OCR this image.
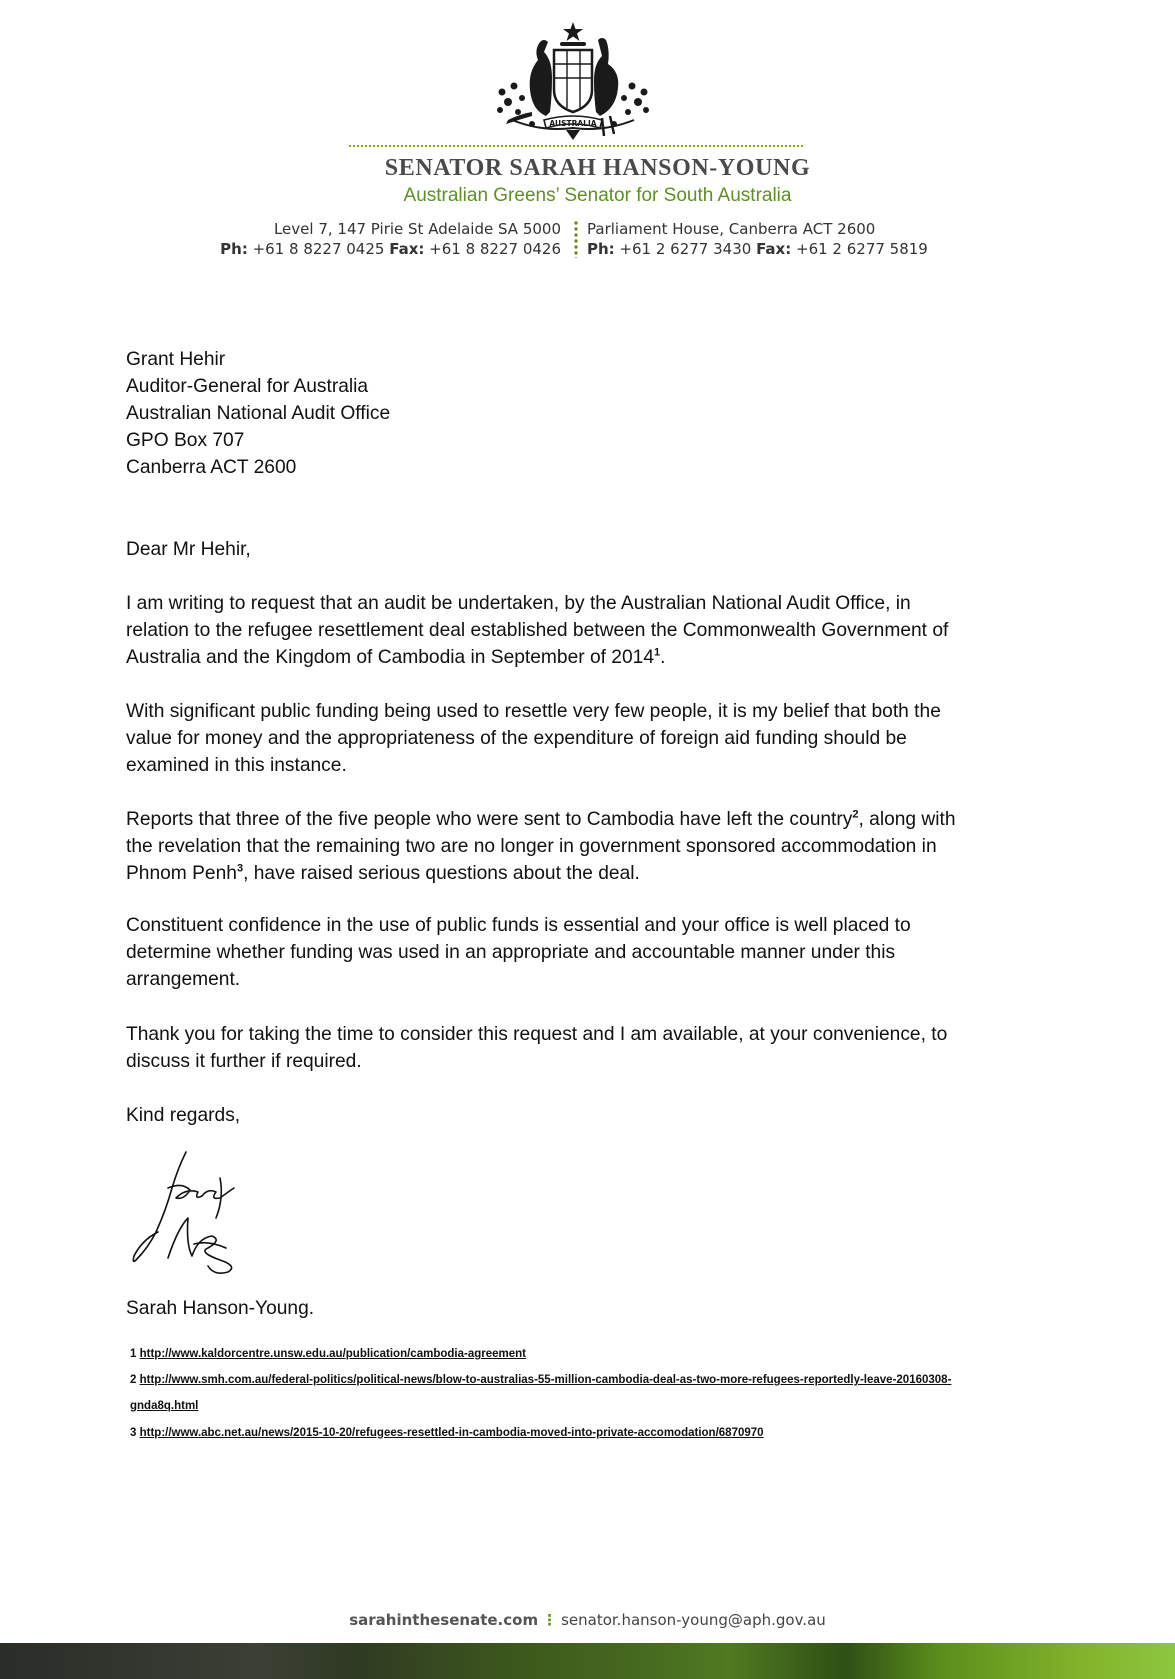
AUSTRALIA
SENATOR SARAH HANSON-YOUNG
Australian Greens’ Senator for South Australia
Level 7, 147 Pirie St Adelaide SA 5000
Ph: +61 8 8227 0425 Fax: +61 8 8227 0426
Parliament House, Canberra ACT 2600
Ph: +61 2 6277 3430 Fax: +61 2 6277 5819
Grant Hehir
Auditor-General for Australia
Australian National Audit Office
GPO Box 707
Canberra ACT 2600
Dear Mr Hehir,
I am writing to request that an audit be undertaken, by the Australian National Audit Office, in
relation to the refugee resettlement deal established between the Commonwealth Government of
Australia and the Kingdom of Cambodia in September of 2014$^1$.
With significant public funding being used to resettle very few people, it is my belief that both the
value for money and the appropriateness of the expenditure of foreign aid funding should be
examined in this instance.
Reports that three of the five people who were sent to Cambodia have left the country$^2$, along with
the revelation that the remaining two are no longer in government sponsored accommodation in
Phnom Penh$^3$, have raised serious questions about the deal.
Constituent confidence in the use of public funds is essential and your office is well placed to
determine whether funding was used in an appropriate and accountable manner under this
arrangement.
Thank you for taking the time to consider this request and I am available, at your convenience, to
discuss it further if required.
Kind regards,
Sarah Hanson-Young.
1 http://www.kaldorcentre.unsw.edu.au/publication/cambodia-agreement
2 http://www.smh.com.au/federal-politics/political-news/blow-to-australias-55-million-cambodia-deal-as-two-more-refugees-reportedly-leave-20160308-
gnda8q.html
3 http://www.abc.net.au/news/2015-10-20/refugees-resettled-in-cambodia-moved-into-private-accomodation/6870970
sarahinthesenate.com ⋮ senator.hanson-young@aph.gov.au
